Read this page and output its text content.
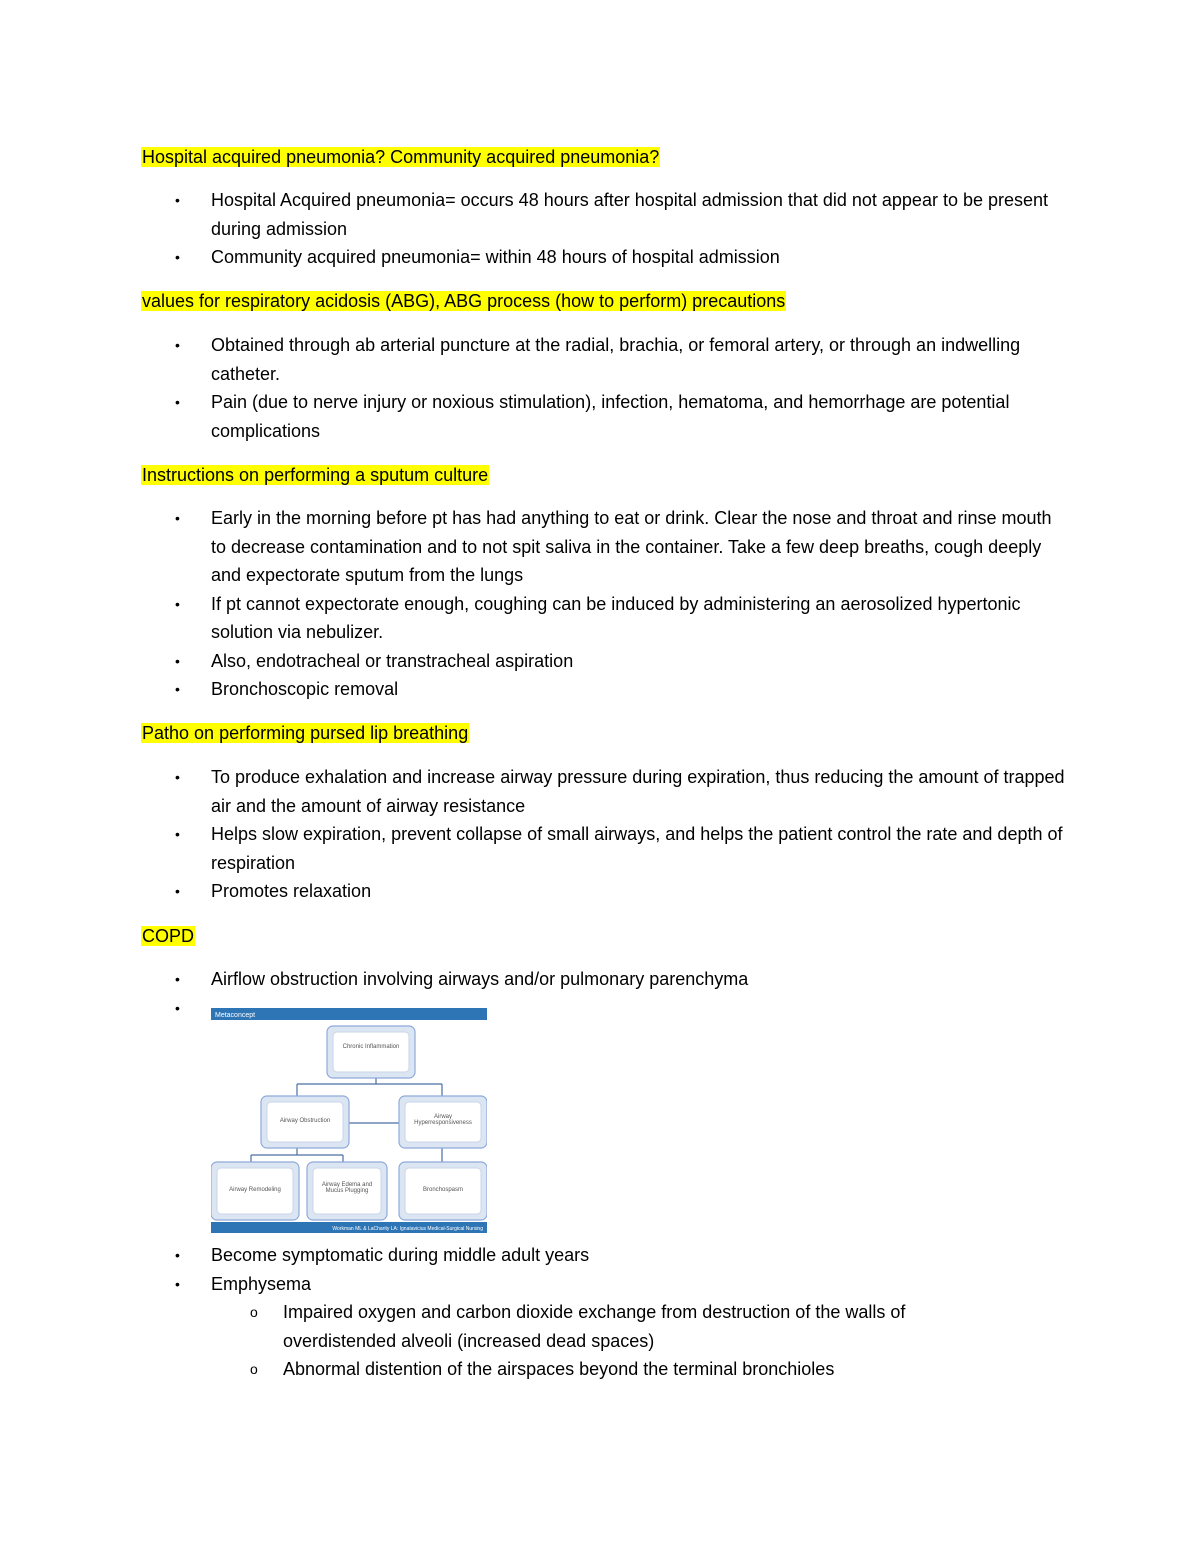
Hospital acquired pneumonia? Community acquired pneumonia?
• Hospital Acquired pneumonia= occurs 48 hours after hospital admission that did not appear to be present during admission
• Community acquired pneumonia= within 48 hours of hospital admission
values for respiratory acidosis (ABG), ABG process (how to perform) precautions
• Obtained through ab arterial puncture at the radial, brachia, or femoral artery, or through an indwelling catheter.
• Pain (due to nerve injury or noxious stimulation), infection, hematoma, and hemorrhage are potential complications
Instructions on performing a sputum culture
• Early in the morning before pt has had anything to eat or drink. Clear the nose and throat and rinse mouth to decrease contamination and to not spit saliva in the container. Take a few deep breaths, cough deeply and expectorate sputum from the lungs
• If pt cannot expectorate enough, coughing can be induced by administering an aerosolized hypertonic solution via nebulizer.
• Also, endotracheal or transtracheal aspiration
• Bronchoscopic removal
Patho on performing pursed lip breathing
• To produce exhalation and increase airway pressure during expiration, thus reducing the amount of trapped air and the amount of airway resistance
• Helps slow expiration, prevent collapse of small airways, and helps the patient control the rate and depth of respiration
• Promotes relaxation
COPD
• Airflow obstruction involving airways and/or pulmonary parenchyma
•	Metaconcept
Chronic Inflammation
Airway Obstruction
Airway Hyperresponsiveness
Airway Remodeling
Airway Edema and Mucus Plugging	Bronchospasm
Workman ML & LaCharity LA: Ignatavicius Medical-Surgical Nursing
• Become symptomatic during middle adult years
• Emphysema
o Impaired oxygen and carbon dioxide exchange from destruction of the walls of overdistended alveoli (increased dead spaces)
o Abnormal distention of the airspaces beyond the terminal bronchioles
